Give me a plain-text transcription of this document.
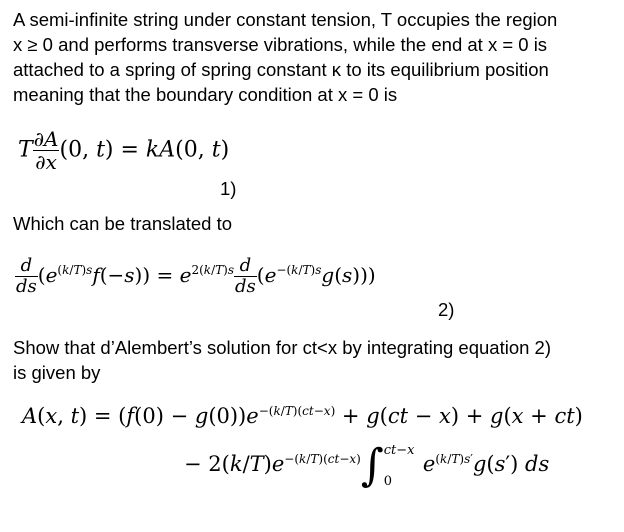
A semi-infinite string under constant tension, T occupies the region
x ≥ 0 and performs transverse vibrations, while the end at x = 0 is
attached to a spring of spring constant κ to its equilibrium position
meaning that the boundary condition at x = 0 is
T $\frac{\partial A}{\partial x} (0$, t) = kA(0, t)
1)
Which can be translated to
$\frac{d}{ds} (e^{(k/T)s}f(-s)) = e^{2(k/T)s} \frac{d}{ds} (e^{-(k/T)s}g(s))$)
2)
Show that d’Alembert’s solution for ct<x by integrating equation 2)
is given by
A(x, $t) = (f(0) - g(0))e^{-(k/T)(ct-x)} + g(ct - x) + g(x + ct)$
− $2(k/T)e^{-(k/T)(ct-x)}\int$ ct−x
0
  $e^{(k/T)s'}g(s')$ ds
